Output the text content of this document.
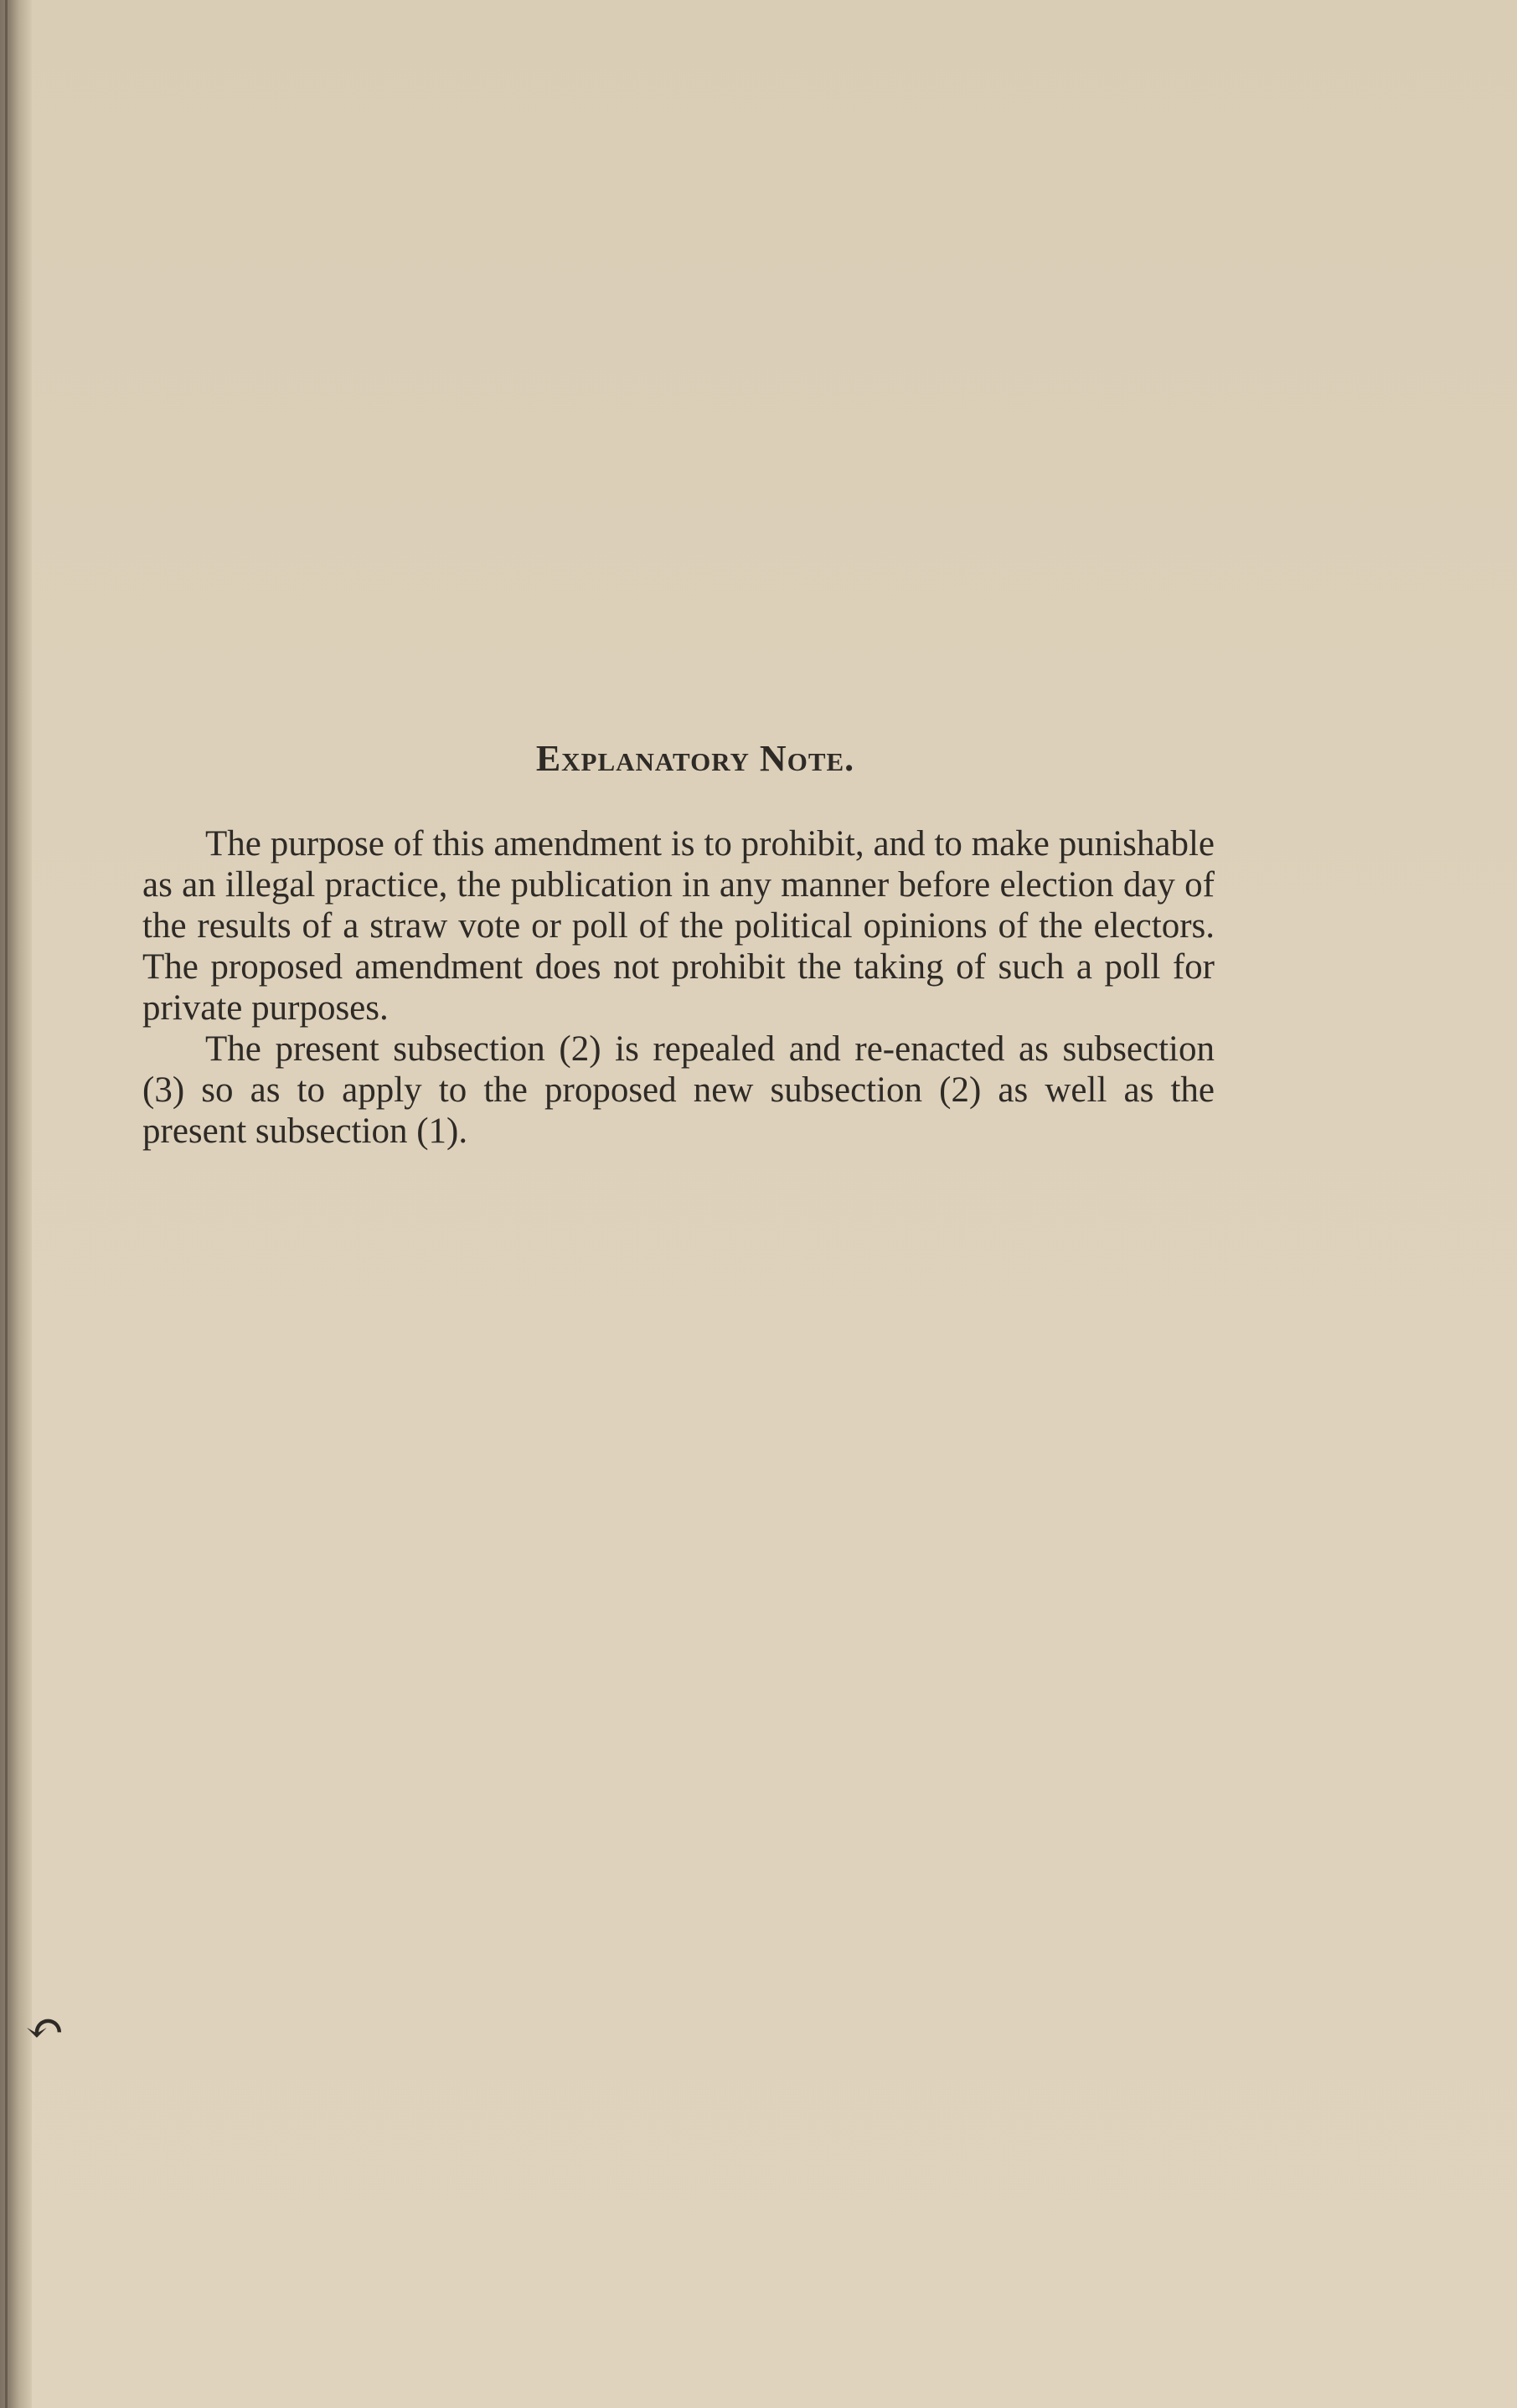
↶
Explanatory Note.

The purpose of this amendment is to prohibit, and to make punishable as an illegal practice, the publication in any manner before election day of the results of a straw vote or poll of the political opinions of the electors. The proposed amendment does not prohibit the taking of such a poll for private purposes.

The present subsection (2) is repealed and re-enacted as subsection (3) so as to apply to the proposed new subsection (2) as well as the present subsection (1).
